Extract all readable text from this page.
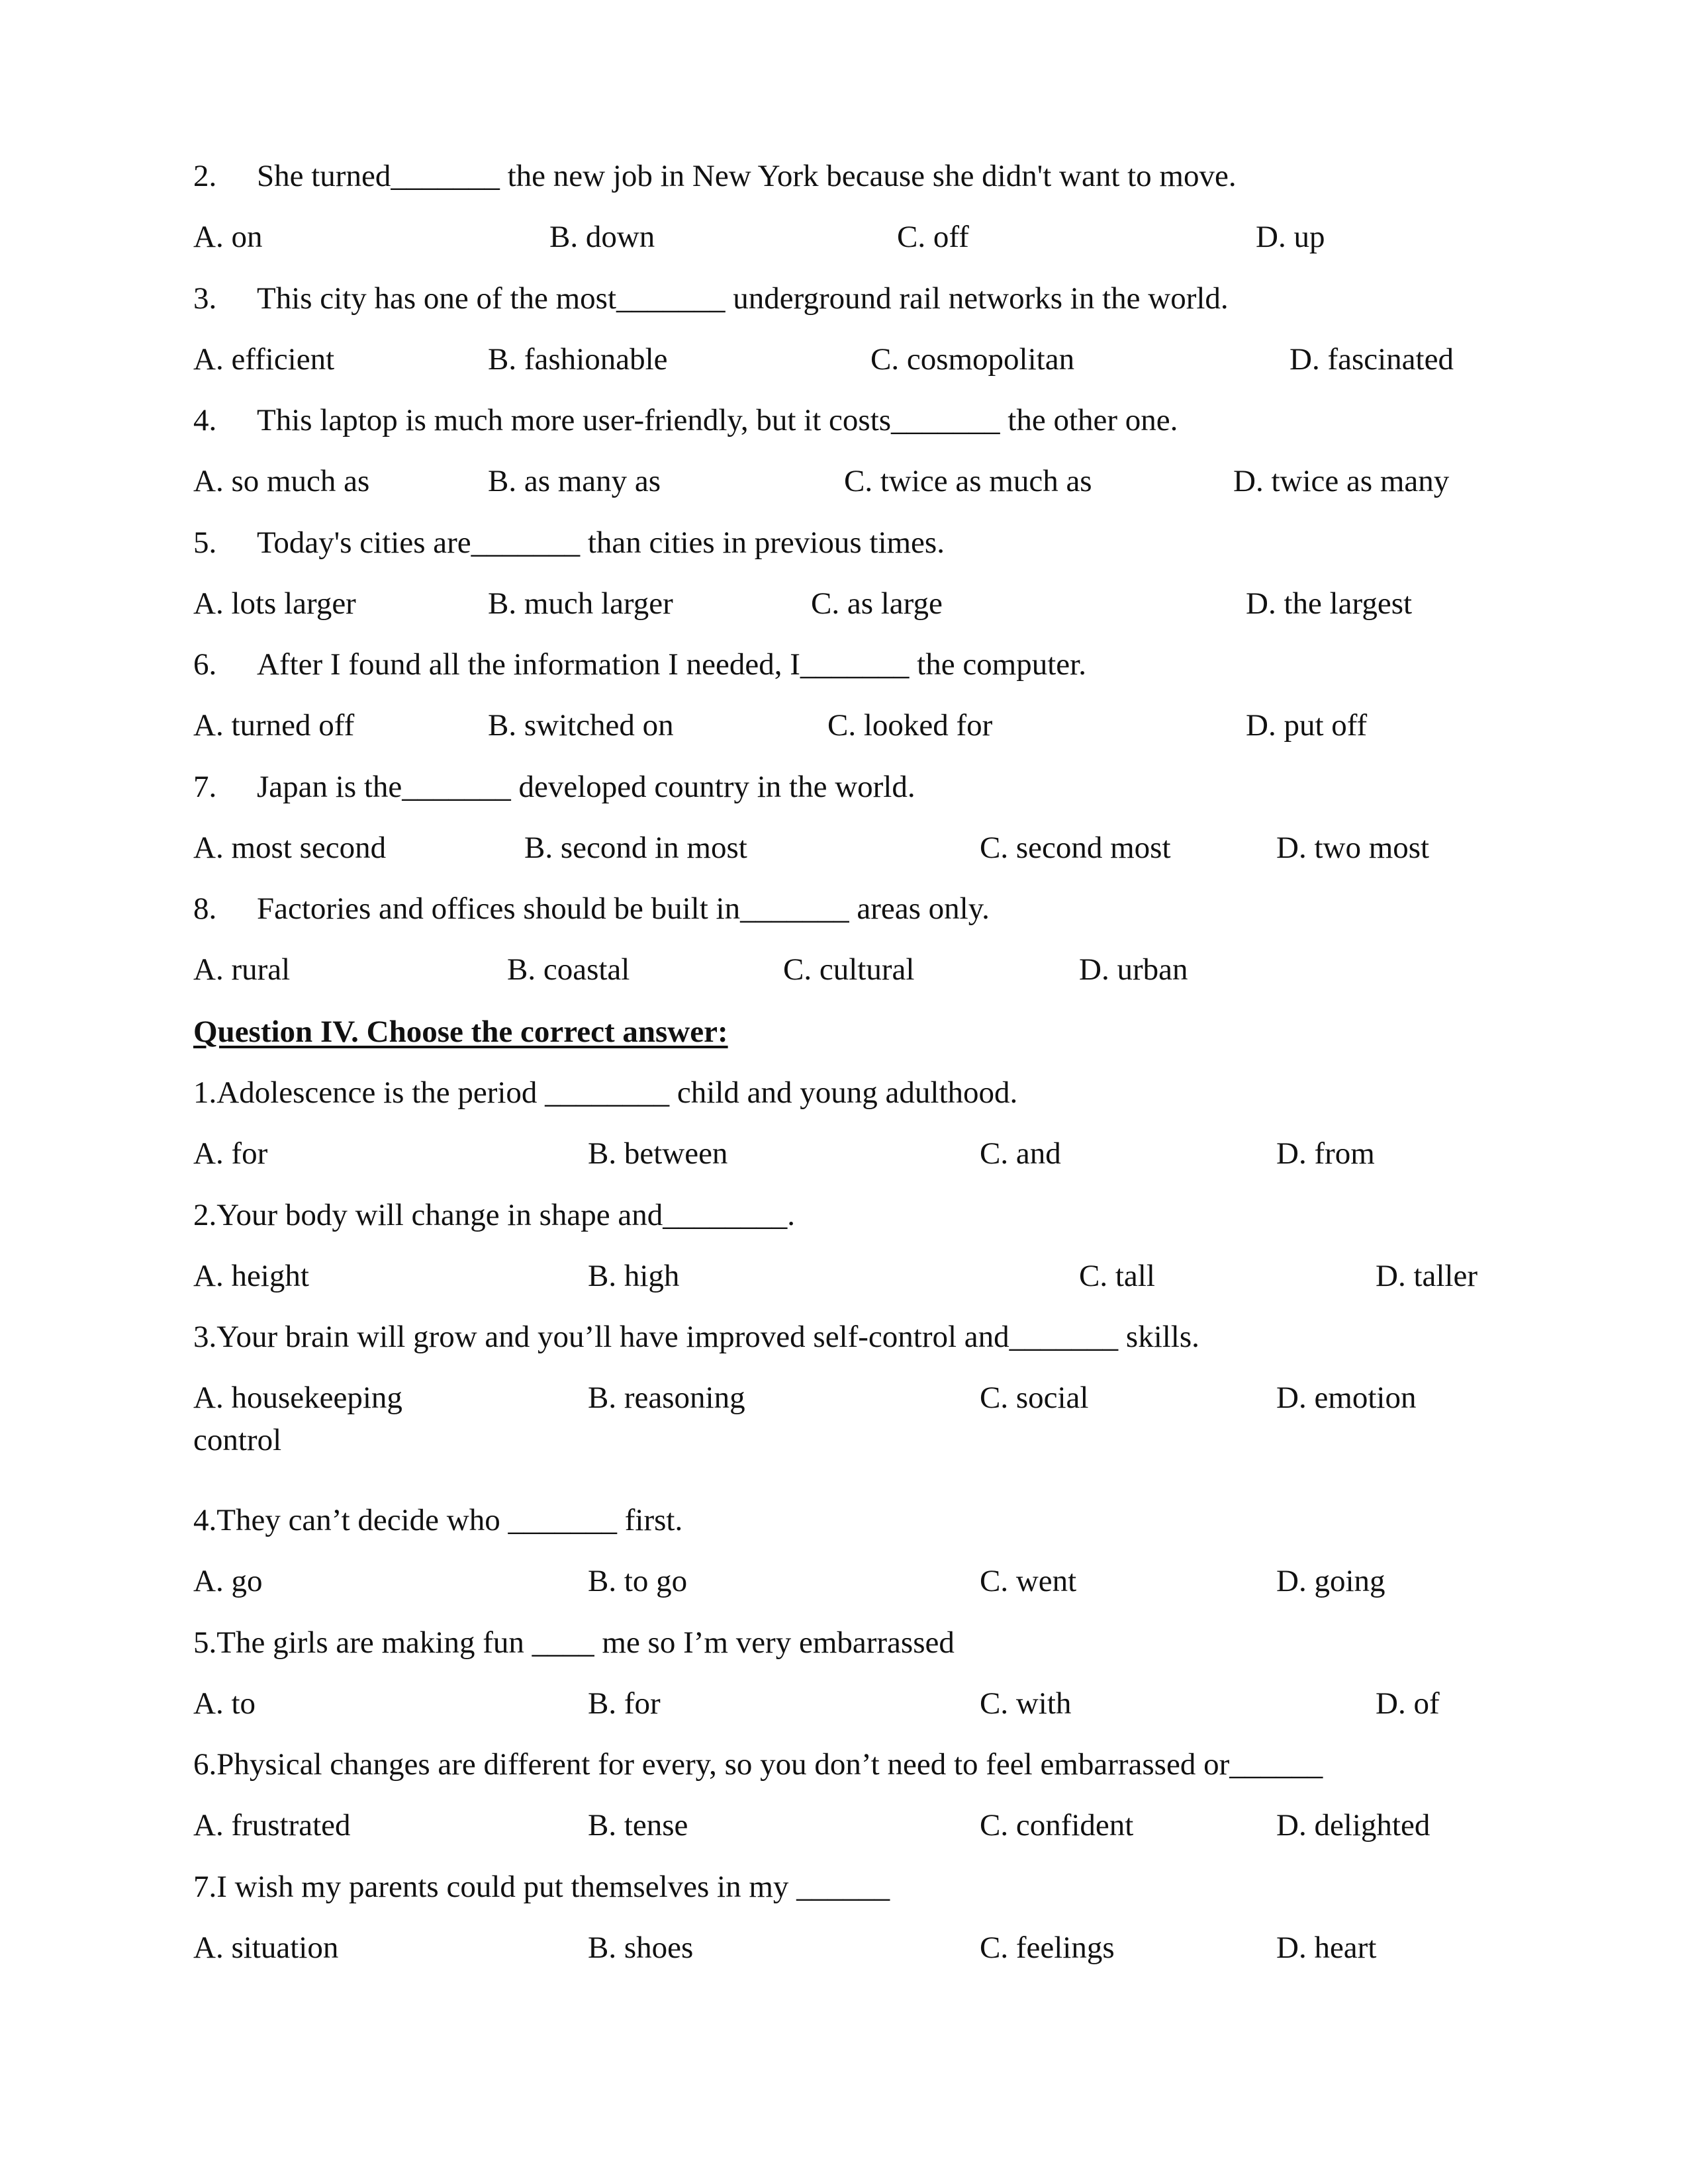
2. She turned_______ the new job in New York because she didn't want to move.
A. on	B. down	C. off	D. up
3. This city has one of the most_______ underground rail networks in the world.
A. efficient	B. fashionable	C. cosmopolitan	D. fascinated
4. This laptop is much more user-friendly, but it costs_______ the other one.
A. so much as	B. as many as	C. twice as much as	D. twice as many
5. Today's cities are_______ than cities in previous times.
A. lots larger	B. much larger	C. as large	D. the largest
6. After I found all the information I needed, I_______ the computer.
A. turned off	B. switched on	C. looked for	D. put off
7. Japan is the_______ developed country in the world.
A. most second	B. second in most	C. second most	D. two most
8. Factories and offices should be built in_______ areas only.
A. rural	B. coastal	C. cultural	D. urban
Question IV. Choose the correct answer:
1.Adolescence is the period ________ child and young adulthood.
A. for	B. between	C. and	D. from
2.Your body will change in shape and________.
A. height	B. high	C. tall	D. taller
3.Your brain will grow and you’ll have improved self-control and_______ skills.
A. housekeeping	B. reasoning	C. social	D. emotion
control
4.They can’t decide who _______ first.
A. go	B. to go	C. went	D. going
5.The girls are making fun ____ me so I’m very embarrassed
A. to	B. for	C. with	D. of
6.Physical changes are different for every, so you don’t need to feel embarrassed or______
A. frustrated	B. tense	C. confident	D. delighted
7.I wish my parents could put themselves in my ______
A. situation	B. shoes	C. feelings	D. heart
